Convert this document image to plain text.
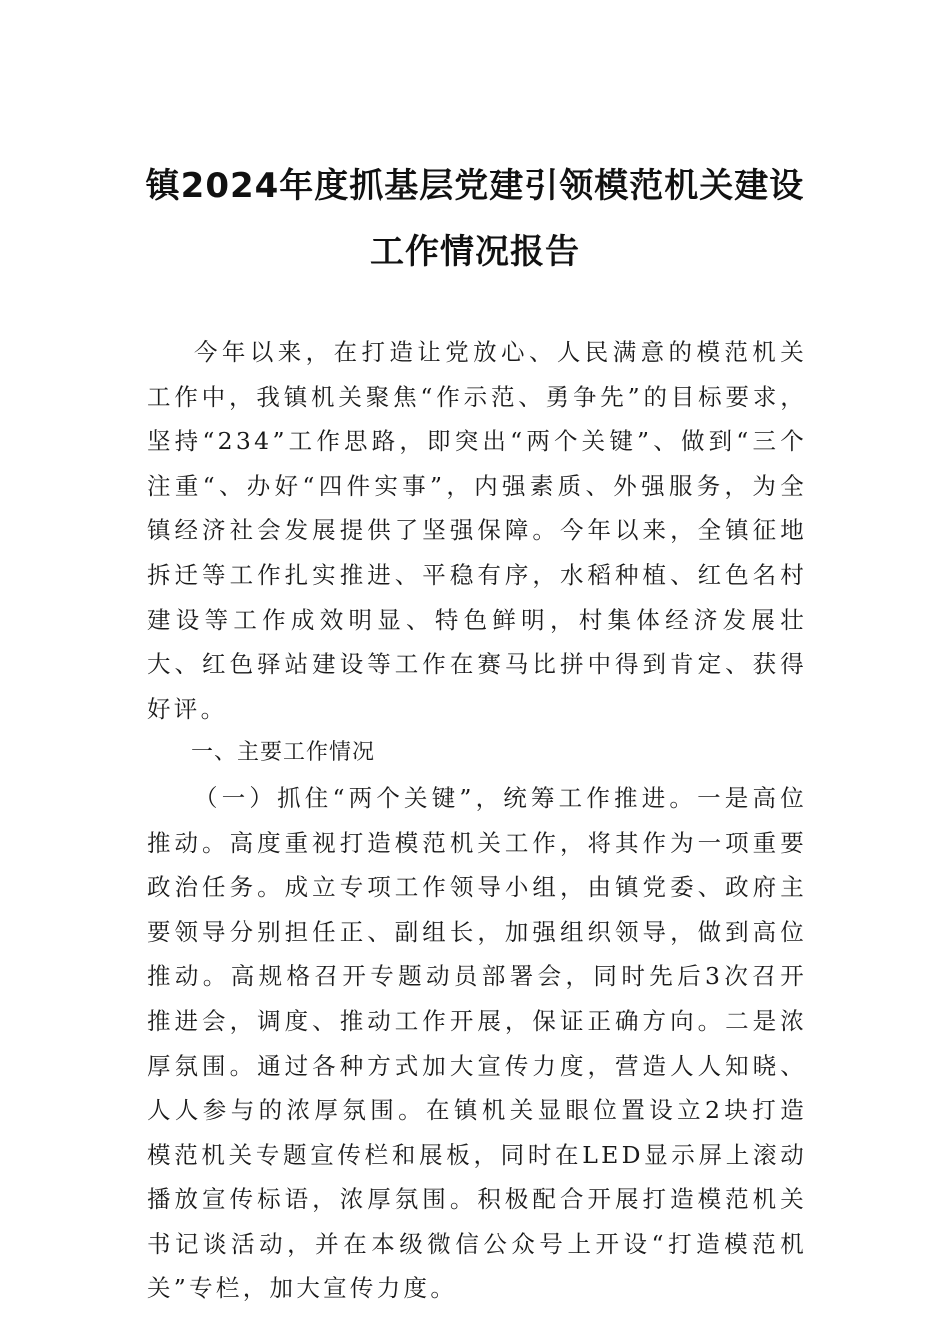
镇2024年度抓基层党建引领模范机关建设
工作情况报告

今年以来，在打造让党放心、人民满意的模范机关工作中，我镇机关聚焦“作示范、勇争先”的目标要求，坚持“234”工作思路，即突出“两个关键”、做到“三个注重“、办好“四件实事”，内强素质、外强服务，为全镇经济社会发展提供了坚强保障。今年以来，全镇征地拆迁等工作扎实推进、平稳有序，水稻种植、红色名村建设等工作成效明显、特色鲜明，村集体经济发展壮大、红色驿站建设等工作在赛马比拼中得到肯定、获得好评。

一、主要工作情况

（一）抓住“两个关键”，统筹工作推进。一是高位推动。高度重视打造模范机关工作，将其作为一项重要政治任务。成立专项工作领导小组，由镇党委、政府主要领导分别担任正、副组长，加强组织领导，做到高位推动。高规格召开专题动员部署会，同时先后3次召开推进会，调度、推动工作开展，保证正确方向。二是浓厚氛围。通过各种方式加大宣传力度，营造人人知晓、人人参与的浓厚氛围。在镇机关显眼位置设立2块打造模范机关专题宣传栏和展板，同时在LED显示屏上滚动播放宣传标语，浓厚氛围。积极配合开展打造模范机关书记谈活动，并在本级微信公众号上开设“打造模范机关”专栏，加大宣传力度。
